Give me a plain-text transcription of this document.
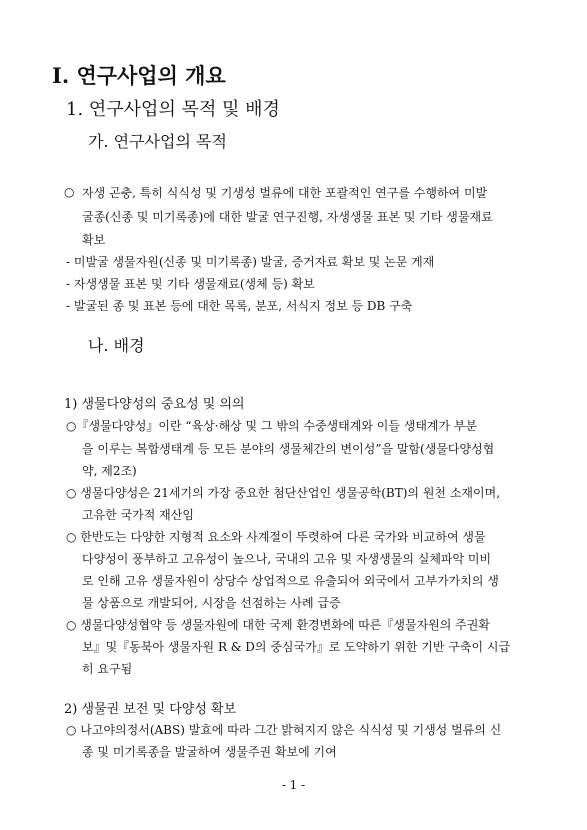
Ⅰ. 연구사업의 개요
1. 연구사업의 목적 및 배경
가. 연구사업의 목적
○ 자생 곤충, 특히 식식성 및 기생성 벌류에 대한 포괄적인 연구를 수행하여 미발
굴종(신종 및 미기록종)에 대한 발굴 연구진행, 자생생물 표본 및 기타 생물재료
확보
- 미발굴 생물자원(신종 및 미기록종) 발굴, 증거자료 확보 및 논문 게재
- 자생생물 표본 및 기타 생물재료(생체 등) 확보
- 발굴된 종 및 표본 등에 대한 목록, 분포, 서식지 정보 등 DB 구축
나. 배경
1) 생물다양성의 중요성 및 의의
○『생물다양성』이란 “육상·해상 및 그 밖의 수중생태계와 이들 생태계가 부분
을 이루는 복합생태계 등 모든 분야의 생물체간의 변이성”을 말함(생물다양성협
약, 제2조)
○ 생물다양성은 21세기의 가장 중요한 첨단산업인 생물공학(BT)의 원천 소재이며,
고유한 국가적 재산임
○ 한반도는 다양한 지형적 요소와 사계절이 뚜렷하여 다른 국가와 비교하여 생물
다양성이 풍부하고 고유성이 높으나, 국내의 고유 및 자생생물의 실체파악 미비
로 인해 고유 생물자원이 상당수 상업적으로 유출되어 외국에서 고부가가치의 생
물 상품으로 개발되어, 시장을 선점하는 사례 급증
○ 생물다양성협약 등 생물자원에 대한 국제 환경변화에 따른『생물자원의 주권확
보』및『동북아 생물자원 R & D의 중심국가』로 도약하기 위한 기반 구축이 시급
히 요구됨
2) 생물권 보전 및 다양성 확보
○ 나고야의정서(ABS) 발효에 따라 그간 밝혀지지 않은 식식성 및 기생성 벌류의 신
종 및 미기록종을 발굴하여 생물주권 확보에 기여
- 1 -
